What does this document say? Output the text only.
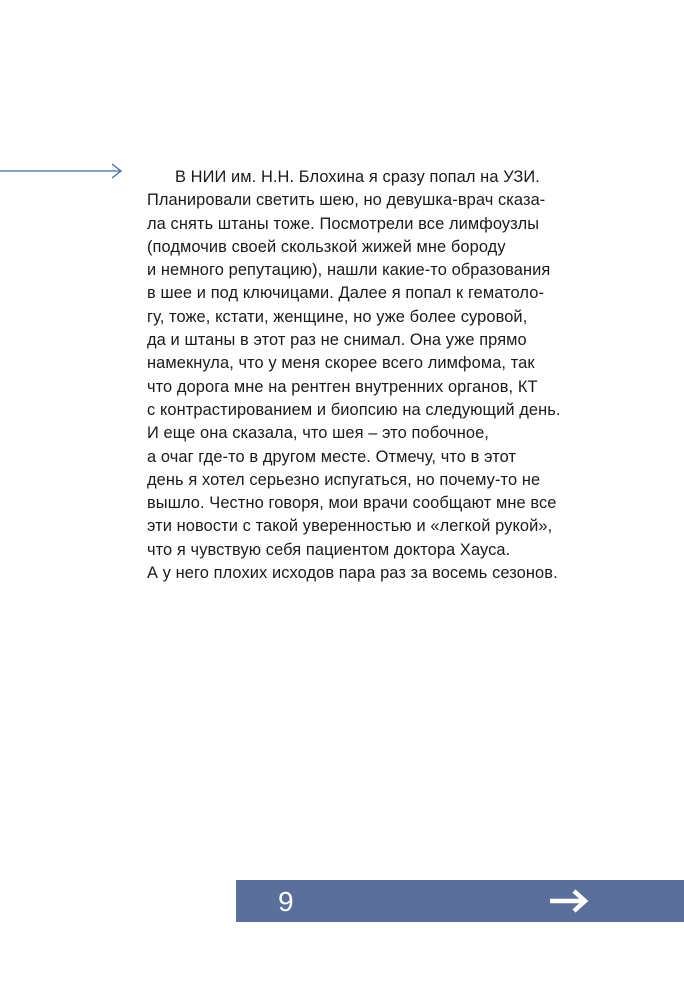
В НИИ им. Н.Н. Блохина я сразу попал на УЗИ.
Планировали светить шею, но девушка-врач сказа-
ла снять штаны тоже. Посмотрели все лимфоузлы
(подмочив своей скользкой жижей мне бороду
и немного репутацию), нашли какие-то образования
в шее и под ключицами. Далее я попал к гематоло-
гу, тоже, кстати, женщине, но уже более суровой,
да и штаны в этот раз не снимал. Она уже прямо
намекнула, что у меня скорее всего лимфома, так
что дорога мне на рентген внутренних органов, КТ
с контрастированием и биопсию на следующий день.
И еще она сказала, что шея – это побочное,
а очаг где-то в другом месте. Отмечу, что в этот
день я хотел серьезно испугаться, но почему-то не
вышло. Честно говоря, мои врачи сообщают мне все
эти новости с такой уверенностью и «легкой рукой»,
что я чувствую себя пациентом доктора Хауса.
А у него плохих исходов пара раз за восемь сезонов.
9
